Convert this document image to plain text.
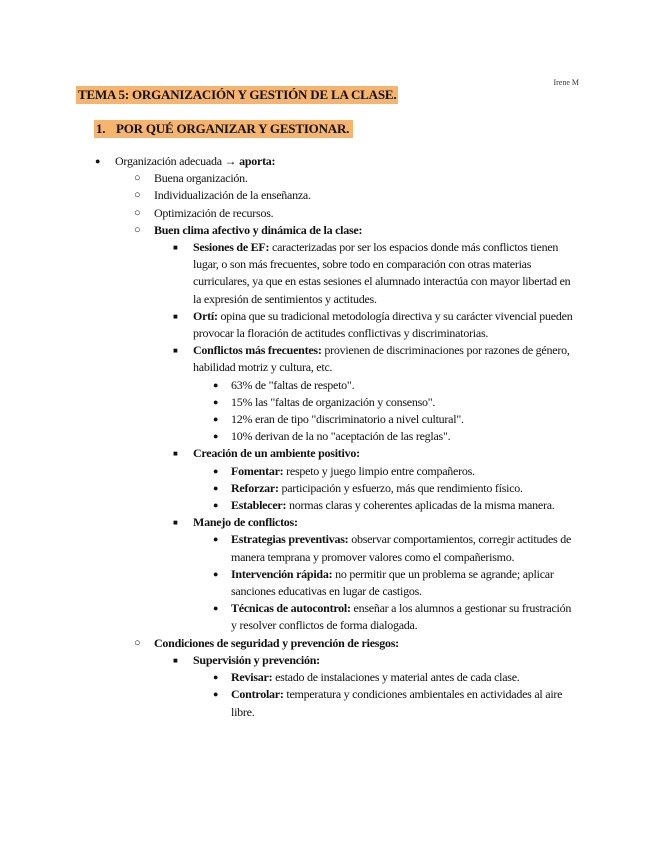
Irene M
TEMA 5: ORGANIZACIÓN Y GESTIÓN DE LA CLASE.
1. POR QUÉ ORGANIZAR Y GESTIONAR.
● Organización adecuada → aporta:
○ Buena organización.
○ Individualización de la enseñanza.
○ Optimización de recursos.
○ Buen clima afectivo y dinámica de la clase:
■ Sesiones de EF: caracterizadas por ser los espacios donde más conflictos tienen lugar, o son más frecuentes, sobre todo en comparación con otras materias curriculares, ya que en estas sesiones el alumnado interactúa con mayor libertad en la expresión de sentimientos y actitudes.
■ Ortí: opina que su tradicional metodología directiva y su carácter vivencial pueden provocar la floración de actitudes conflictivas y discriminatorias.
■ Conflictos más frecuentes: provienen de discriminaciones por razones de género, habilidad motriz y cultura, etc.
● 63% de "faltas de respeto".
● 15% las "faltas de organización y consenso".
● 12% eran de tipo "discriminatorio a nivel cultural".
● 10% derivan de la no "aceptación de las reglas".
■ Creación de un ambiente positivo:
● Fomentar: respeto y juego limpio entre compañeros.
● Reforzar: participación y esfuerzo, más que rendimiento físico.
● Establecer: normas claras y coherentes aplicadas de la misma manera.
■ Manejo de conflictos:
● Estrategias preventivas: observar comportamientos, corregir actitudes de manera temprana y promover valores como el compañerismo.
● Intervención rápida: no permitir que un problema se agrande; aplicar sanciones educativas en lugar de castigos.
● Técnicas de autocontrol: enseñar a los alumnos a gestionar su frustración y resolver conflictos de forma dialogada.
○ Condiciones de seguridad y prevención de riesgos:
■ Supervisión y prevención:
● Revisar: estado de instalaciones y material antes de cada clase.
● Controlar: temperatura y condiciones ambientales en actividades al aire libre.
